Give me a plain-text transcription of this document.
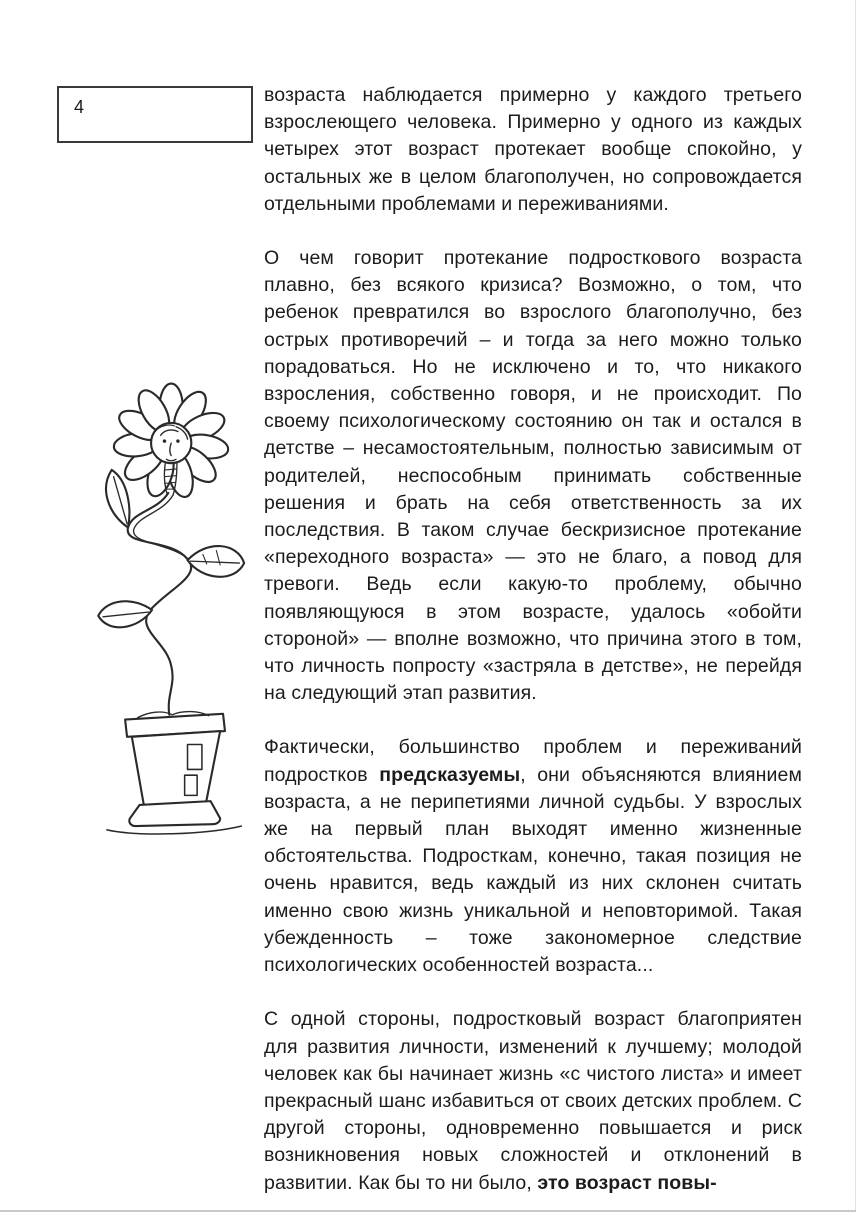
4

возраста наблюдается примерно у каждого третьего взрослеющего человека. Примерно у одного из каждых четырех этот возраст протекает вообще спокойно, у остальных же в целом благополучен, но сопровождается отдельными проблемами и переживаниями.

О чем говорит протекание подросткового возраста плавно, без всякого кризиса? Возможно, о том, что ребенок превратился во взрослого благополучно, без острых противоречий – и тогда за него можно только порадоваться. Но не исключено и то, что никакого взросления, собственно говоря, и не происходит. По своему психологическому состоянию он так и остался в детстве – несамостоятельным, полностью зависимым от родителей, неспособным принимать собственные решения и брать на себя ответственность за их последствия. В таком случае бескризисное протекание «переходного возраста» — это не благо, а повод для тревоги. Ведь если какую-то проблему, обычно появляющуюся в этом возрасте, удалось «обойти стороной» — вполне возможно, что причина этого в том, что личность попросту «застряла в детстве», не перейдя на следующий этап развития.

Фактически, большинство проблем и переживаний подростков предсказуемы, они объясняются влиянием возраста, а не перипетиями личной судьбы. У взрослых же на первый план выходят именно жизненные обстоятельства. Подросткам, конечно, такая позиция не очень нравится, ведь каждый из них склонен считать именно свою жизнь уникальной и неповторимой. Такая убежденность – тоже закономерное следствие психологических особенностей возраста...

С одной стороны, подростковый возраст благоприятен для развития личности, изменений к лучшему; молодой человек как бы начинает жизнь «с чистого листа» и имеет прекрасный шанс избавиться от своих детских проблем. С другой стороны, одновременно повышается и риск возникновения новых сложностей и отклонений в развитии. Как бы то ни было, это возраст повы-
